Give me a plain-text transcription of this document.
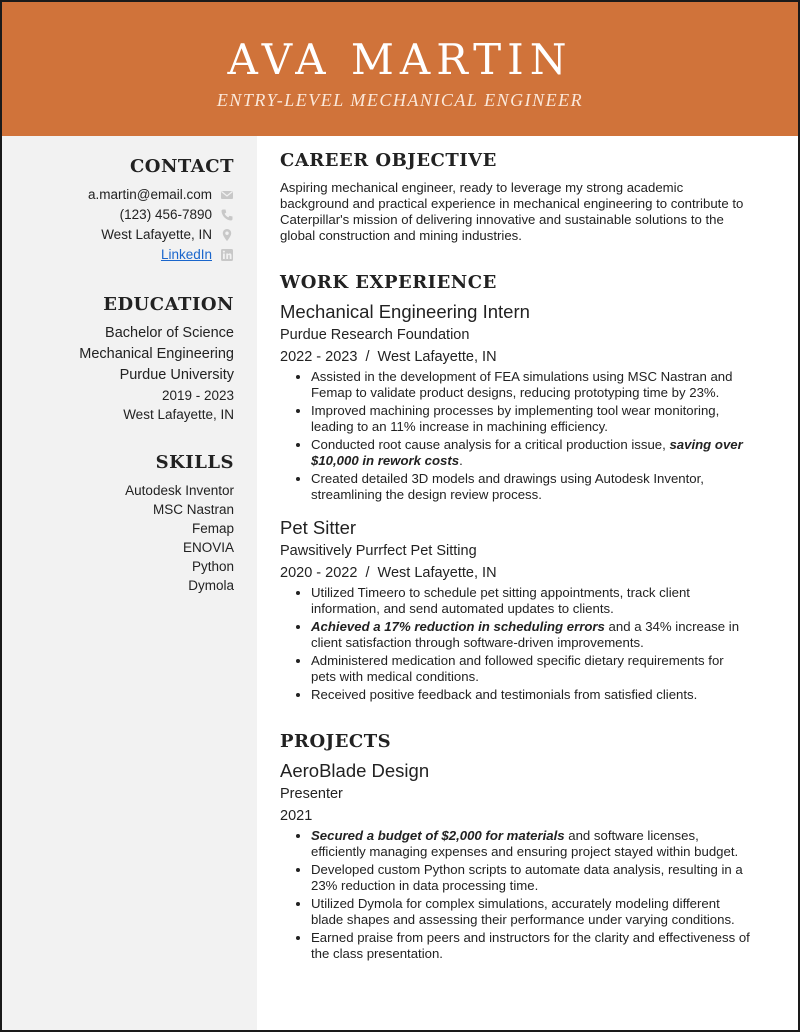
AVA MARTIN
ENTRY-LEVEL MECHANICAL ENGINEER
CONTACT
a.martin@email.com
(123) 456-7890
West Lafayette, IN
LinkedIn
EDUCATION
Bachelor of Science
Mechanical Engineering
Purdue University
2019 - 2023
West Lafayette, IN
SKILLS
Autodesk Inventor
MSC Nastran
Femap
ENOVIA
Python
Dymola
CAREER OBJECTIVE
Aspiring mechanical engineer, ready to leverage my strong academic background and practical experience in mechanical engineering to contribute to Caterpillar's mission of delivering innovative and sustainable solutions to the global construction and mining industries.
WORK EXPERIENCE
Mechanical Engineering Intern
Purdue Research Foundation
2022 - 2023  /  West Lafayette, IN
• Assisted in the development of FEA simulations using MSC Nastran and Femap to validate product designs, reducing prototyping time by 23%.
• Improved machining processes by implementing tool wear monitoring, leading to an 11% increase in machining efficiency.
• Conducted root cause analysis for a critical production issue, saving over $10,000 in rework costs.
• Created detailed 3D models and drawings using Autodesk Inventor, streamlining the design review process.
Pet Sitter
Pawsitively Purrfect Pet Sitting
2020 - 2022  /  West Lafayette, IN
• Utilized Timeero to schedule pet sitting appointments, track client information, and send automated updates to clients.
• Achieved a 17% reduction in scheduling errors and a 34% increase in client satisfaction through software-driven improvements.
• Administered medication and followed specific dietary requirements for pets with medical conditions.
• Received positive feedback and testimonials from satisfied clients.
PROJECTS
AeroBlade Design
Presenter
2021
• Secured a budget of $2,000 for materials and software licenses, efficiently managing expenses and ensuring project stayed within budget.
• Developed custom Python scripts to automate data analysis, resulting in a 23% reduction in data processing time.
• Utilized Dymola for complex simulations, accurately modeling different blade shapes and assessing their performance under varying conditions.
• Earned praise from peers and instructors for the clarity and effectiveness of the class presentation.
